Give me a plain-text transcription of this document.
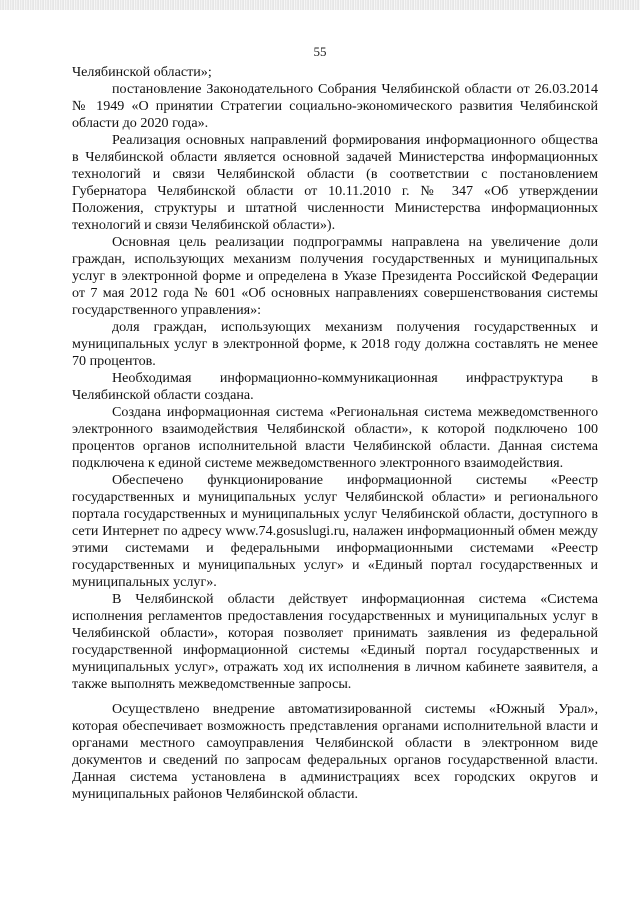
55

Челябинской области»;

постановление Законодательного Собрания Челябинской области от 26.03.2014 № 1949 «О принятии Стратегии социально-экономического развития Челябинской области до 2020 года».

Реализация основных направлений формирования информационного общества в Челябинской области является основной задачей Министерства информационных технологий и связи Челябинской области (в соответствии с постановлением Губернатора Челябинской области от 10.11.2010 г. № 347 «Об утверждении Положения, структуры и штатной численности Министерства информационных технологий и связи Челябинской области»).

Основная цель реализации подпрограммы направлена на увеличение доли граждан, использующих механизм получения государственных и муниципальных услуг в электронной форме и определена в Указе Президента Российской Федерации от 7 мая 2012 года № 601 «Об основных направлениях совершенствования системы государственного управления»:

доля граждан, использующих механизм получения государственных и муниципальных услуг в электронной форме, к 2018 году должна составлять не менее 70 процентов.

Необходимая информационно-коммуникационная инфраструктура в Челябинской области создана.

Создана информационная система «Региональная система межведомственного электронного взаимодействия Челябинской области», к которой подключено 100 процентов органов исполнительной власти Челябинской области. Данная система подключена к единой системе межведомственного электронного взаимодействия.

Обеспечено функционирование информационной системы «Реестр государственных и муниципальных услуг Челябинской области» и регионального портала государственных и муниципальных услуг Челябинской области, доступного в сети Интернет по адресу www.74.gosuslugi.ru, налажен информационный обмен между этими системами и федеральными информационными системами «Реестр государственных и муниципальных услуг» и «Единый портал государственных и муниципальных услуг».

В Челябинской области действует информационная система «Система исполнения регламентов предоставления государственных и муниципальных услуг в Челябинской области», которая позволяет принимать заявления из федеральной государственной информационной системы «Единый портал государственных и муниципальных услуг», отражать ход их исполнения в личном кабинете заявителя, а также выполнять межведомственные запросы.

Осуществлено внедрение автоматизированной системы «Южный Урал», которая обеспечивает возможность представления органами исполнительной власти и органами местного самоуправления Челябинской области в электронном виде документов и сведений по запросам федеральных органов государственной власти. Данная система установлена в администрациях всех городских округов и муниципальных районов Челябинской области.
